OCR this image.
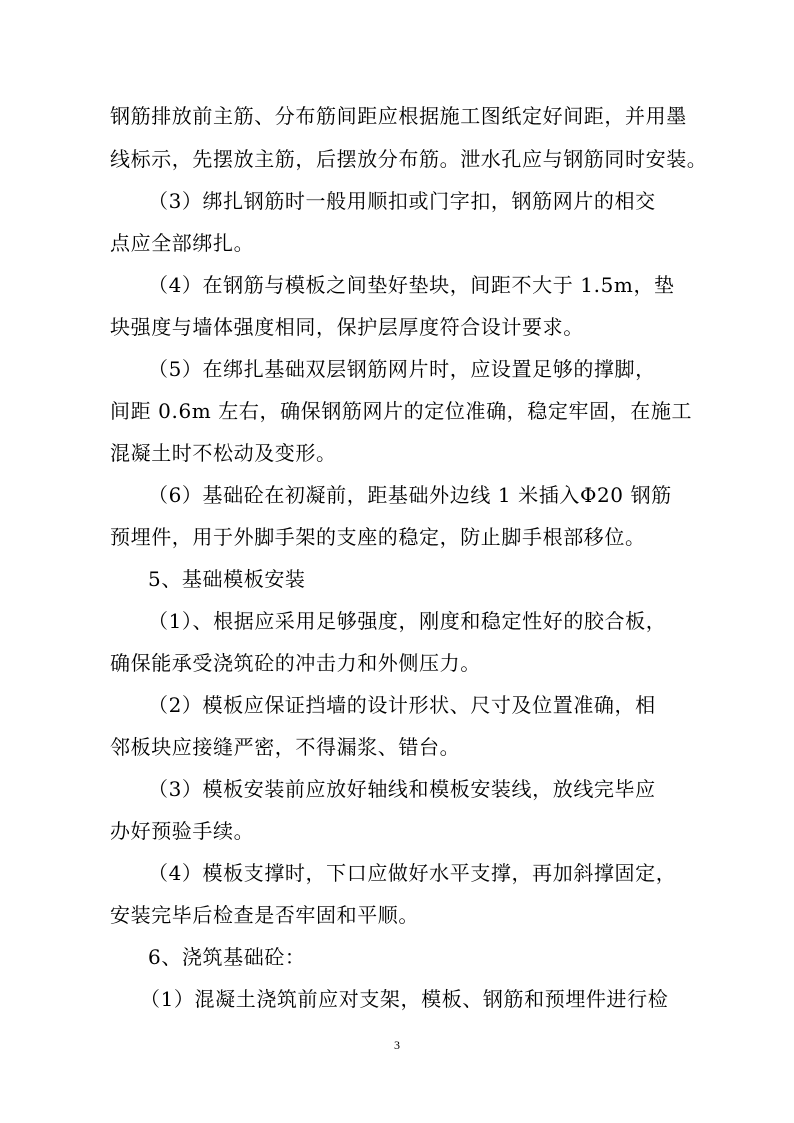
钢筋排放前主筋、分布筋间距应根据施工图纸定好间距，并用墨
线标示，先摆放主筋，后摆放分布筋。泄水孔应与钢筋同时安装。
（3）绑扎钢筋时一般用顺扣或门字扣，钢筋网片的相交
点应全部绑扎。
（4）在钢筋与模板之间垫好垫块，间距不大于 1.5m，垫
块强度与墙体强度相同，保护层厚度符合设计要求。
（5）在绑扎基础双层钢筋网片时，应设置足够的撑脚，
间距 0.6m 左右，确保钢筋网片的定位准确，稳定牢固，在施工
混凝土时不松动及变形。
（6）基础砼在初凝前，距基础外边线 1 米插入Φ20 钢筋
预埋件，用于外脚手架的支座的稳定，防止脚手根部移位。
5、基础模板安装
（1）、根据应采用足够强度，刚度和稳定性好的胶合板，
确保能承受浇筑砼的冲击力和外侧压力。
（2）模板应保证挡墙的设计形状、尺寸及位置准确，相
邻板块应接缝严密，不得漏浆、错台。
（3）模板安装前应放好轴线和模板安装线，放线完毕应
办好预验手续。
（4）模板支撑时，下口应做好水平支撑，再加斜撑固定，
安装完毕后检查是否牢固和平顺。
6、浇筑基础砼：
（1）混凝土浇筑前应对支架，模板、钢筋和预埋件进行检
3
